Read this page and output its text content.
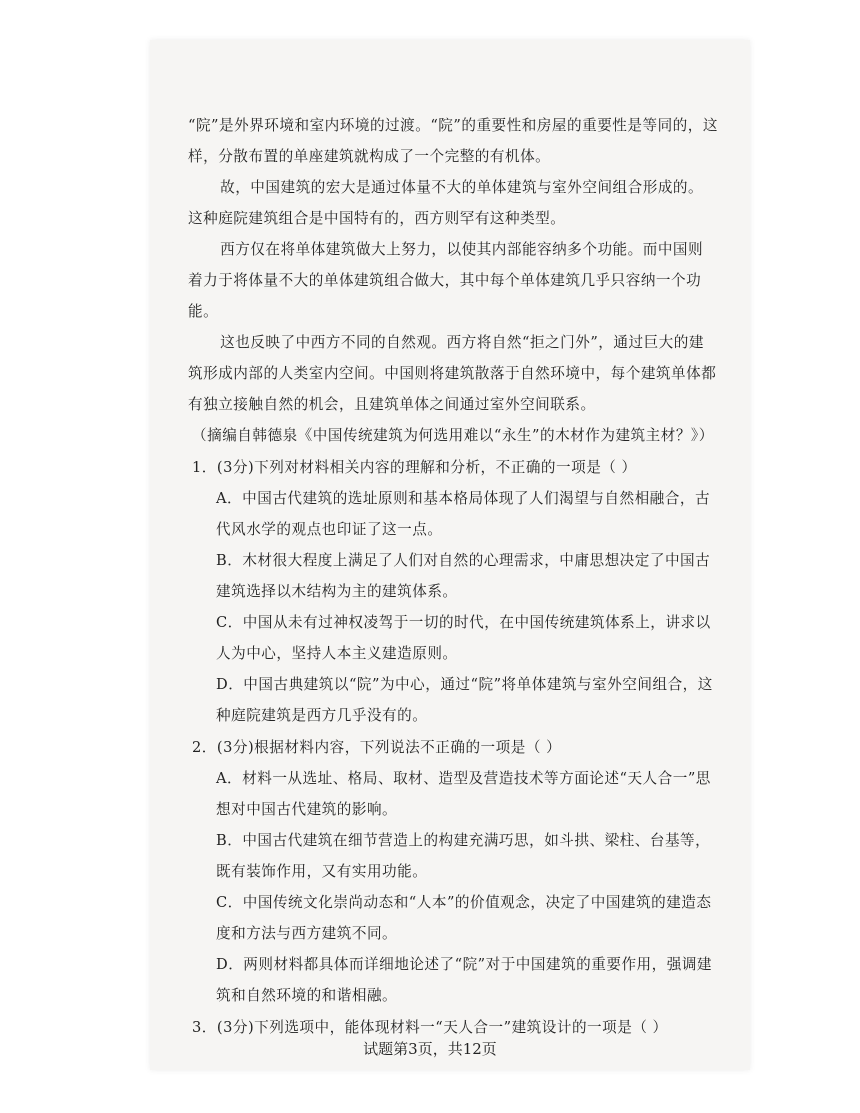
“院”是外界环境和室内环境的过渡。“院”的重要性和房屋的重要性是等同的，这样，分散布置的单座建筑就构成了一个完整的有机体。

故，中国建筑的宏大是通过体量不大的单体建筑与室外空间组合形成的。这种庭院建筑组合是中国特有的，西方则罕有这种类型。

西方仅在将单体建筑做大上努力，以使其内部能容纳多个功能。而中国则着力于将体量不大的单体建筑组合做大，其中每个单体建筑几乎只容纳一个功能。

这也反映了中西方不同的自然观。西方将自然“拒之门外”，通过巨大的建筑形成内部的人类室内空间。中国则将建筑散落于自然环境中，每个建筑单体都有独立接触自然的机会，且建筑单体之间通过室外空间联系。

（摘编自韩德泉《中国传统建筑为何选用难以“永生”的木材作为建筑主材？》）

1．(3分)下列对材料相关内容的理解和分析，不正确的一项是（ ）

A．中国古代建筑的选址原则和基本格局体现了人们渴望与自然相融合，古代风水学的观点也印证了这一点。

B．木材很大程度上满足了人们对自然的心理需求，中庸思想决定了中国古建筑选择以木结构为主的建筑体系。

C．中国从未有过神权凌驾于一切的时代，在中国传统建筑体系上，讲求以人为中心，坚持人本主义建造原则。

D．中国古典建筑以“院”为中心，通过“院”将单体建筑与室外空间组合，这种庭院建筑是西方几乎没有的。

2．(3分)根据材料内容，下列说法不正确的一项是（ ）

A．材料一从选址、格局、取材、造型及营造技术等方面论述“天人合一”思想对中国古代建筑的影响。

B．中国古代建筑在细节营造上的构建充满巧思，如斗拱、梁柱、台基等，既有装饰作用，又有实用功能。

C．中国传统文化崇尚动态和“人本”的价值观念，决定了中国建筑的建造态度和方法与西方建筑不同。

D．两则材料都具体而详细地论述了“院”对于中国建筑的重要作用，强调建筑和自然环境的和谐相融。

3．(3分)下列选项中，能体现材料一“天人合一”建筑设计的一项是（ ）

试题第3页，共12页
